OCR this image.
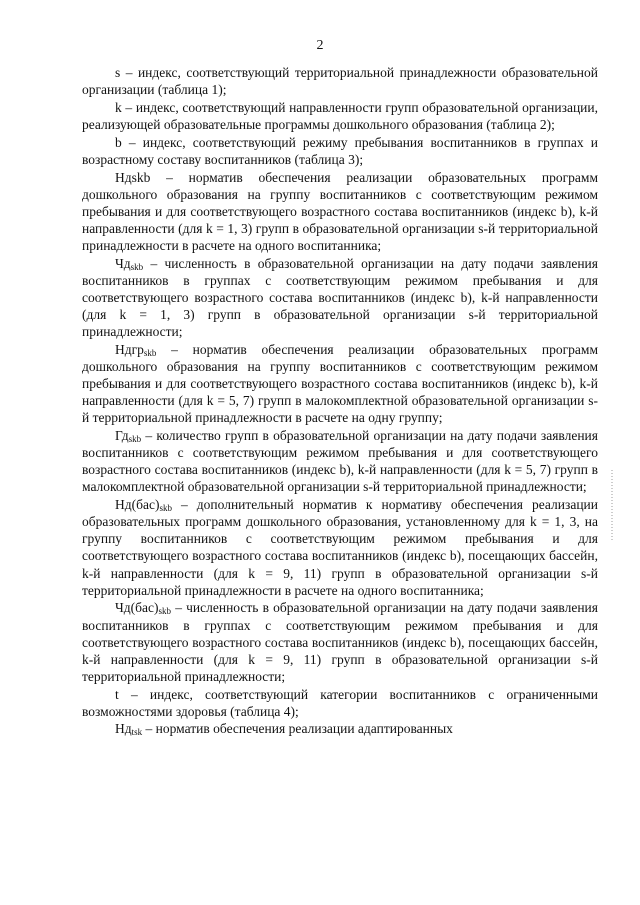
2

s – индекс, соответствующий территориальной принадлежности образовательной организации (таблица 1);

k – индекс, соответствующий направленности групп образовательной организации, реализующей образовательные программы дошкольного образования (таблица 2);

b – индекс, соответствующий режиму пребывания воспитанников в группах и возрастному составу воспитанников (таблица 3);

Hдskb – норматив обеспечения реализации образовательных программ дошкольного образования на группу воспитанников с соответствующим режимом пребывания и для соответствующего возрастного состава воспитанников (индекс b), k-й направленности (для k = 1, 3) групп в образовательной организации s-й территориальной принадлежности в расчете на одного воспитанника;

$Чд_{skb}$ – численность в образовательной организации на дату подачи заявления воспитанников в группах с соответствующим режимом пребывания и для соответствующего возрастного состава воспитанников (индекс b), k-й направленности (для k = 1, 3) групп в образовательной организации s-й территориальной принадлежности;

Ндгр$_{skb}$ – норматив обеспечения реализации образовательных программ дошкольного образования на группу воспитанников с соответствующим режимом пребывания и для соответствующего возрастного состава воспитанников (индекс b), k-й направленности (для k = 5, 7) групп в малокомплектной образовательной организации s-й территориальной принадлежности в расчете на одну группу;

$Гд_{skb}$ – количество групп в образовательной организации на дату подачи заявления воспитанников с соответствующим режимом пребывания и для соответствующего возрастного состава воспитанников (индекс b), k-й направленности (для k = 5, 7) групп в малокомплектной образовательной организации s-й территориальной принадлежности;

$Нд(бас)_{skb}$ – дополнительный норматив к нормативу обеспечения реализации образовательных программ дошкольного образования, установленному для k = 1, 3, на группу воспитанников с соответствующим режимом пребывания и для соответствующего возрастного состава воспитанников (индекс b), посещающих бассейн, k-й направленности (для k = 9, 11) групп в образовательной организации s-й территориальной принадлежности в расчете на одного воспитанника;

$Чд(бас)_{skb}$ – численность в образовательной организации на дату подачи заявления воспитанников в группах с соответствующим режимом пребывания и для соответствующего возрастного состава воспитанников (индекс b), посещающих бассейн, k-й направленности (для k = 9, 11) групп в образовательной организации s-й территориальной принадлежности;

t – индекс, соответствующий категории воспитанников с ограниченными возможностями здоровья (таблица 4);

$Нд_{tsk}$ – норматив обеспечения реализации адаптированных
